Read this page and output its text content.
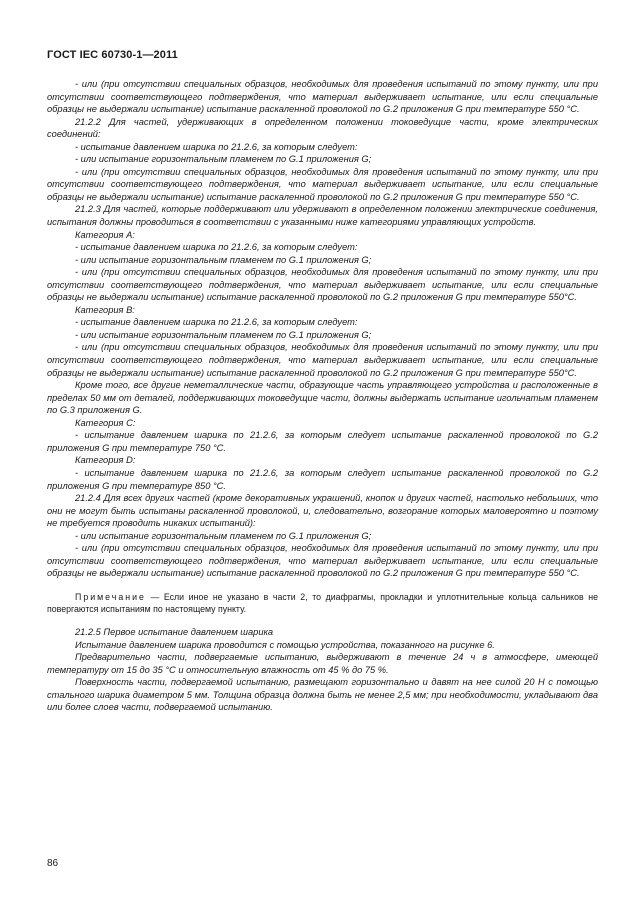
ГОСТ IEC 60730-1—2011

- или (при отсутствии специальных образцов, необходимых для проведения испытаний по этому пункту, или при отсутствии соответствующего подтверждения, что материал выдерживает испытание, или если специальные образцы не выдержали испытание) испытание раскаленной проволокой по G.2 приложения G при температуре 550 °C.

21.2.2 Для частей, удерживающих в определенном положении токоведущие части, кроме электрических соединений:

- испытание давлением шарика по 21.2.6, за которым следует:

- или испытание горизонтальным пламенем по G.1 приложения G;

- или (при отсутствии специальных образцов, необходимых для проведения испытаний по этому пункту, или при отсутствии соответствующего подтверждения, что материал выдерживает испытание, или если специальные образцы не выдержали испытание) испытание раскаленной проволокой по G.2 приложения G при температуре 550 °C.

21.2.3 Для частей, которые поддерживают или удерживают в определенном положении электрические соединения, испытания должны проводиться в соответствии с указанными ниже категориями управляющих устройств.

Категория А:

- испытание давлением шарика по 21.2.6, за которым следует:

- или испытание горизонтальным пламенем по G.1 приложения G;

- или (при отсутствии специальных образцов, необходимых для проведения испытаний по этому пункту, или при отсутствии соответствующего подтверждения, что материал выдерживает испытание, или если специальные образцы не выдержали испытание) испытание раскаленной проволокой по G.2 приложения G при температуре 550°C.

Категория В:

- испытание давлением шарика по 21.2.6, за которым следует:

- или испытание горизонтальным пламенем по G.1 приложения G;

- или (при отсутствии специальных образцов, необходимых для проведения испытаний по этому пункту, или при отсутствии соответствующего подтверждения, что материал выдерживает испытание, или если специальные образцы не выдержали испытание) испытание раскаленной проволокой по G.2 приложения G при температуре 550°C.

Кроме того, все другие неметаллические части, образующие часть управляющего устройства и расположенные в пределах 50 мм от деталей, поддерживающих токоведущие части, должны выдержать испытание игольчатым пламенем по G.3 приложения G.

Категория С:

- испытание давлением шарика по 21.2.6, за которым следует испытание раскаленной проволокой по G.2 приложения G при температуре 750 °C.

Категория D:

- испытание давлением шарика по 21.2.6, за которым следует испытание раскаленной проволокой по G.2 приложения G при температуре 850 °C.

21.2.4 Для всех других частей (кроме декоративных украшений, кнопок и других частей, настолько небольших, что они не могут быть испытаны раскаленной проволокой, и, следовательно, возгорание которых маловероятно и поэтому не требуется проводить никаких испытаний):

- или испытание горизонтальным пламенем по G.1 приложения G;

- или (при отсутствии специальных образцов, необходимых для проведения испытаний по этому пункту, или при отсутствии соответствующего подтверждения, что материал выдерживает испытание, или если специальные образцы не выдержали испытание) испытание раскаленной проволокой по G.2 приложения G при температуре 550 °C.

Примечание — Если иное не указано в части 2, то диафрагмы, прокладки и уплотнительные кольца сальников не повергаются испытаниям по настоящему пункту.

21.2.5 Первое испытание давлением шарика

Испытание давлением шарика проводится с помощью устройства, показанного на рисунке 6.

Предварительно части, подвергаемые испытанию, выдерживают в течение 24 ч в атмосфере, имеющей температуру от 15 до 35 °C и относительную влажность от 45 % до 75 %.

Поверхность части, подвергаемой испытанию, размещают горизонтально и давят на нее силой 20 Н с помощью стального шарика диаметром 5 мм. Толщина образца должна быть не менее 2,5 мм; при необходимости, укладывают два или более слоев части, подвергаемой испытанию.

86
